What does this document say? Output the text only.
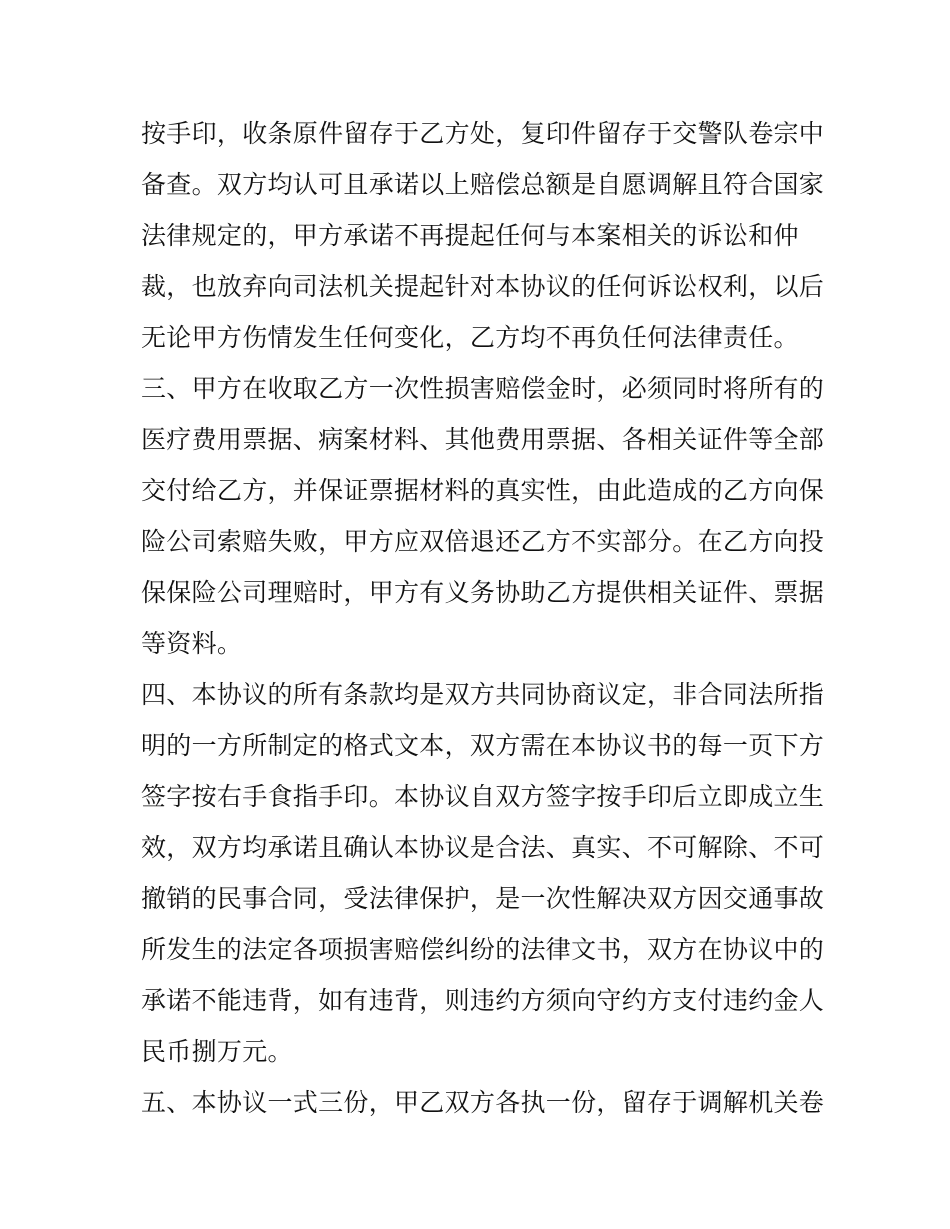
按手印，收条原件留存于乙方处，复印件留存于交警队卷宗中
备查。双方均认可且承诺以上赔偿总额是自愿调解且符合国家
法律规定的，甲方承诺不再提起任何与本案相关的诉讼和仲
裁，也放弃向司法机关提起针对本协议的任何诉讼权利，以后
无论甲方伤情发生任何变化，乙方均不再负任何法律责任。
三、甲方在收取乙方一次性损害赔偿金时，必须同时将所有的
医疗费用票据、病案材料、其他费用票据、各相关证件等全部
交付给乙方，并保证票据材料的真实性，由此造成的乙方向保
险公司索赔失败，甲方应双倍退还乙方不实部分。在乙方向投
保保险公司理赔时，甲方有义务协助乙方提供相关证件、票据
等资料。
四、本协议的所有条款均是双方共同协商议定，非合同法所指
明的一方所制定的格式文本，双方需在本协议书的每一页下方
签字按右手食指手印。本协议自双方签字按手印后立即成立生
效，双方均承诺且确认本协议是合法、真实、不可解除、不可
撤销的民事合同，受法律保护，是一次性解决双方因交通事故
所发生的法定各项损害赔偿纠纷的法律文书，双方在协议中的
承诺不能违背，如有违背，则违约方须向守约方支付违约金人
民币捌万元。
五、本协议一式三份，甲乙双方各执一份，留存于调解机关卷
